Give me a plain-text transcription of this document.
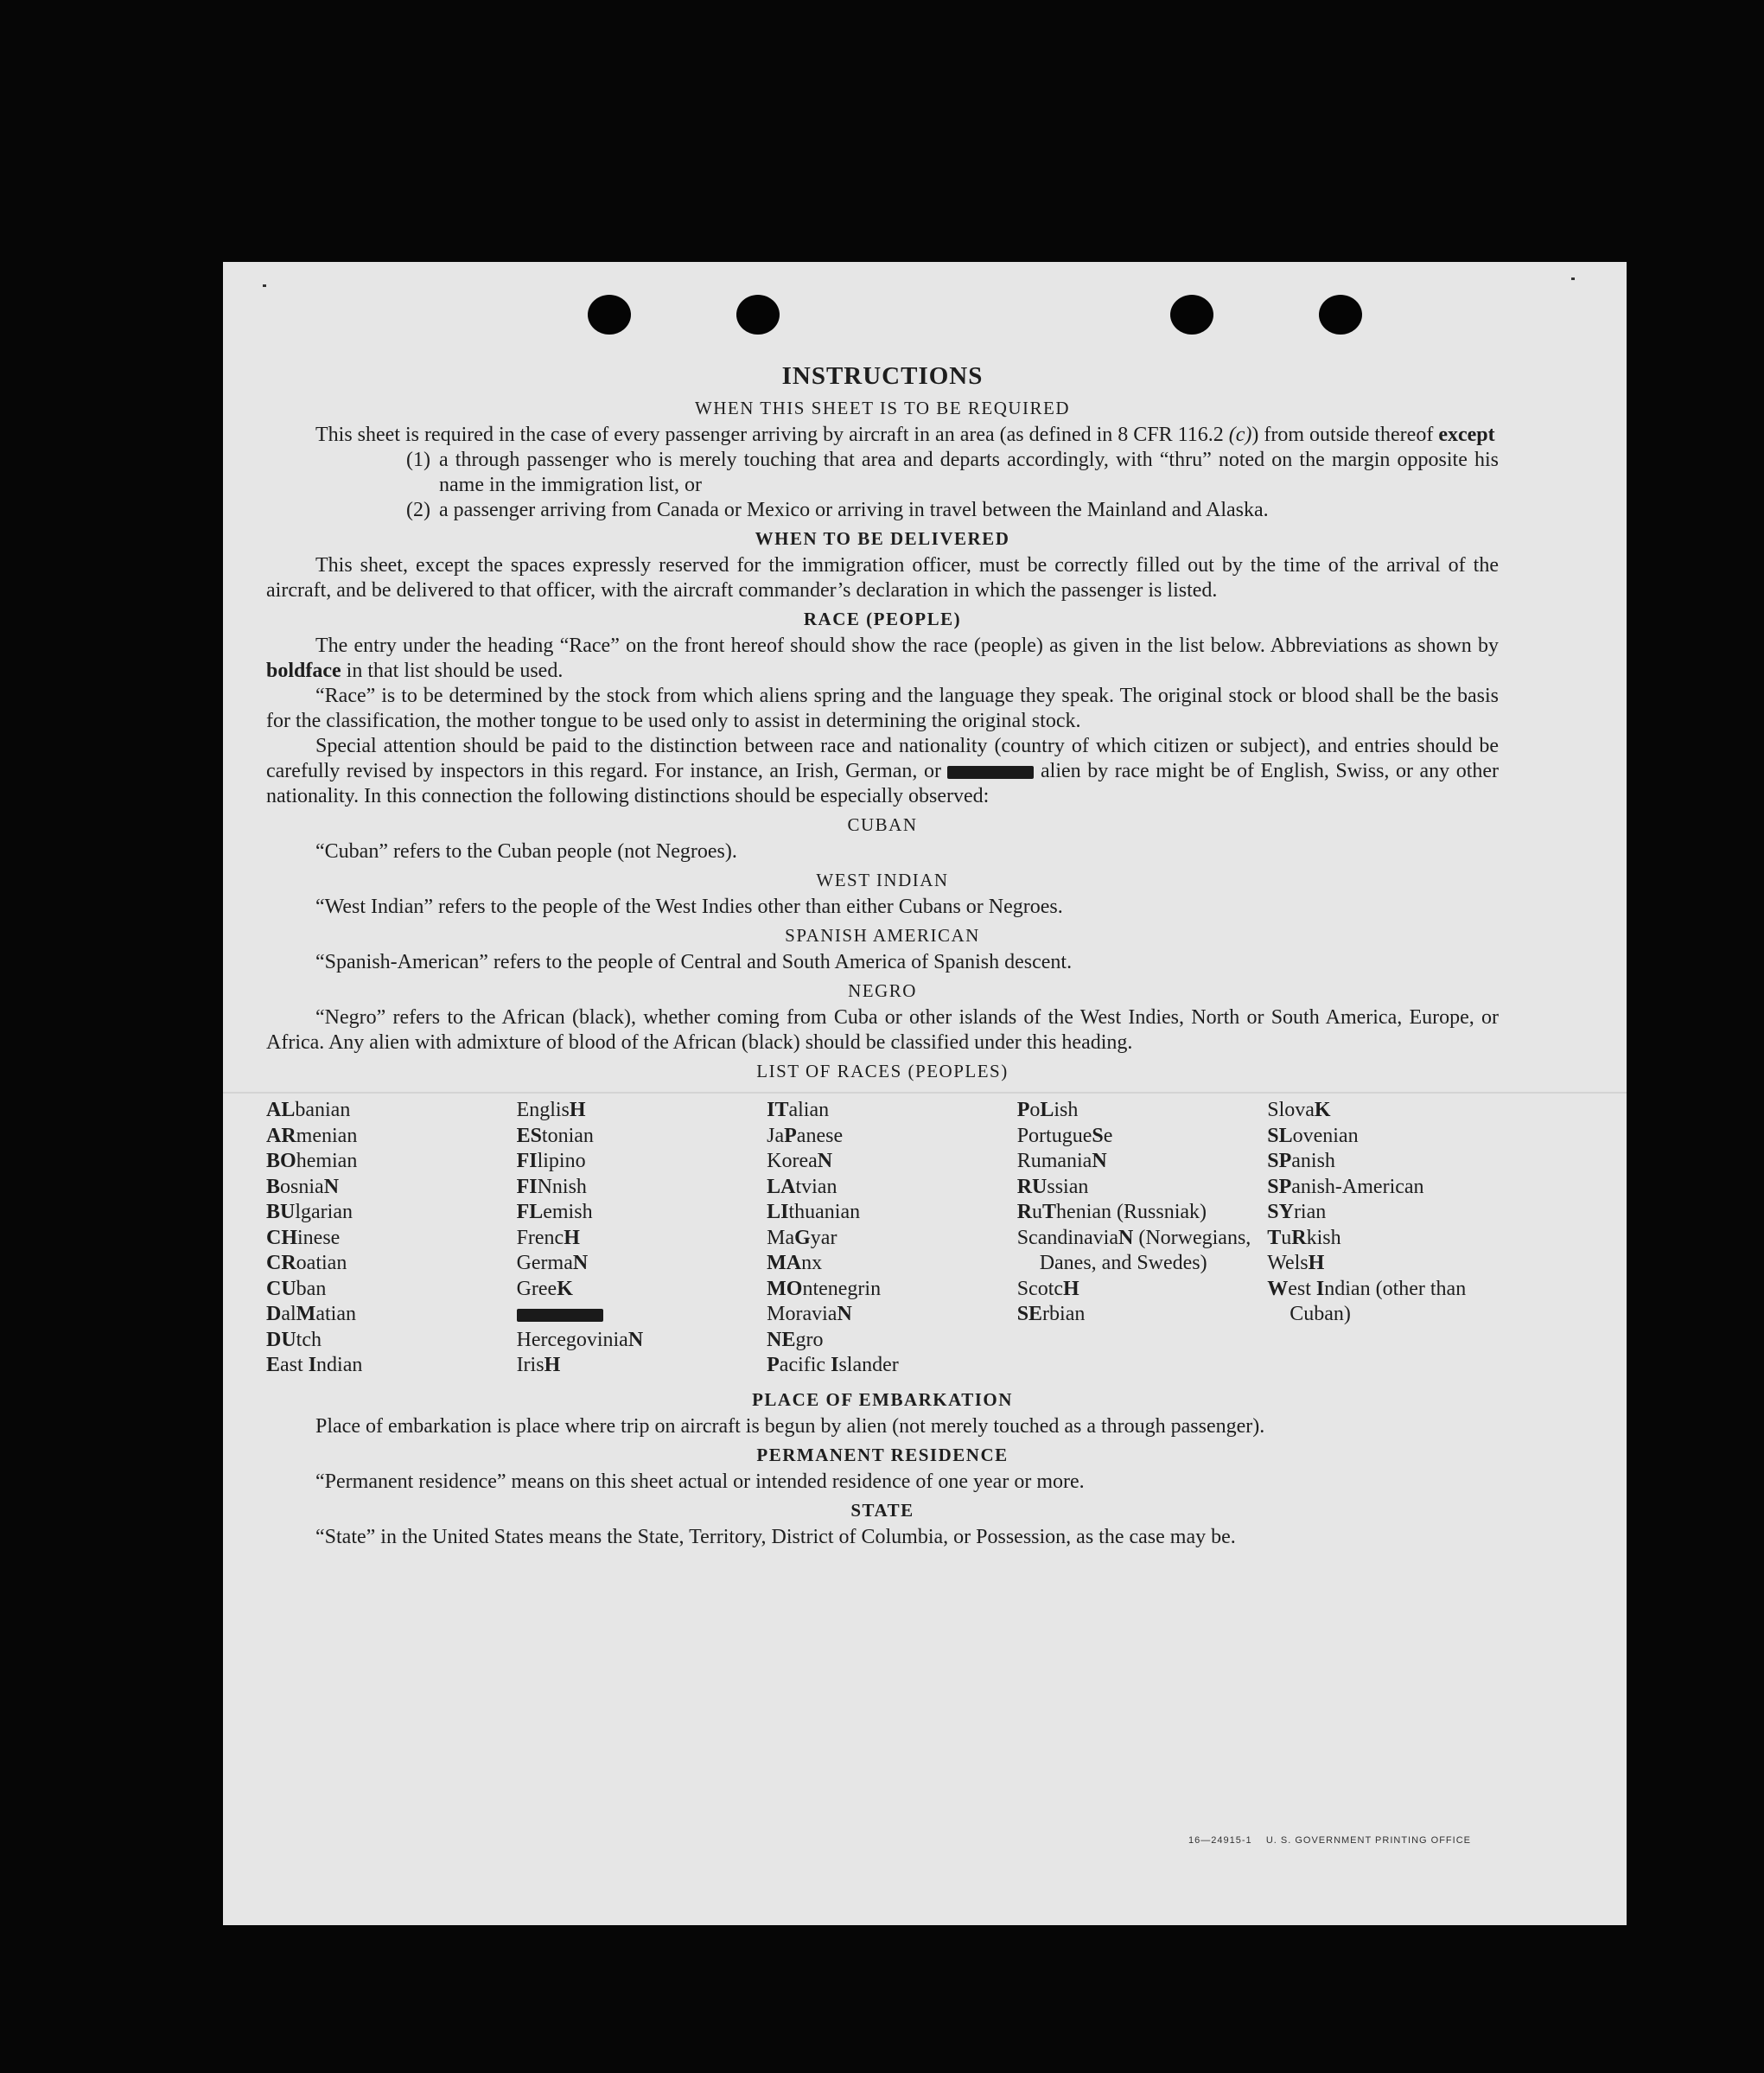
INSTRUCTIONS
WHEN THIS SHEET IS TO BE REQUIRED

This sheet is required in the case of every passenger arriving by aircraft in an area (as defined in 8 CFR 116.2 (c)) from outside thereof except

(1) a through passenger who is merely touching that area and departs accordingly, with “thru” noted on the margin opposite his name in the immigration list, or
(2) a passenger arriving from Canada or Mexico or arriving in travel between the Mainland and Alaska.
WHEN TO BE DELIVERED

This sheet, except the spaces expressly reserved for the immigration officer, must be correctly filled out by the time of the arrival of the aircraft, and be delivered to that officer, with the aircraft commander’s declaration in which the passenger is listed.

RACE (PEOPLE)

The entry under the heading “Race” on the front hereof should show the race (people) as given in the list below. Abbreviations as shown by boldface in that list should be used.

“Race” is to be determined by the stock from which aliens spring and the language they speak. The original stock or blood shall be the basis for the classification, the mother tongue to be used only to assist in determining the original stock.

Special attention should be paid to the distinction between race and nationality (country of which citizen or subject), and entries should be carefully revised by inspectors in this regard. For instance, an Irish, German, or	alien by race might be of English, Swiss, or any other nationality. In this connection the following distinctions should be especially observed:

CUBAN

“Cuban” refers to the Cuban people (not Negroes).

WEST INDIAN

“West Indian” refers to the people of the West Indies other than either Cubans or Negroes.

SPANISH AMERICAN

“Spanish-American” refers to the people of Central and South America of Spanish descent.

NEGRO

“Negro” refers to the African (black), whether coming from Cuba or other islands of the West Indies, North or South America, Europe, or Africa. Any alien with admixture of blood of the African (black) should be classified under this heading.

LIST OF RACES (PEOPLES)
ALbanian
ARmenian
BOhemian
BosniaN
BUlgarian
CHinese
CRoatian
CUban
DalMatian
DUtch
East Indian
EnglisH
EStonian
FIlipino
FINnish
FLemish
FrencH
GermaN
GreeK
HercegoviniaN
IrisH
ITalian
JaPanese
KoreaN
LAtvian
LIthuanian
MaGyar
MAnx
MOntenegrin
MoraviaN
NEgro
Pacific Islander
PoLish
PortugueSe
RumaniaN
RUssian
RuThenian (Russniak)
ScandinaviaN (Norwegians, Danes, and Swedes)
ScotcH
SErbian
SlovaK
SLovenian
SPanish
SPanish-American
SYrian
TuRkish
WelsH
West Indian (other than Cuban)
PLACE OF EMBARKATION

Place of embarkation is place where trip on aircraft is begun by alien (not merely touched as a through passenger).

PERMANENT RESIDENCE

“Permanent residence” means on this sheet actual or intended residence of one year or more.

STATE

“State” in the United States means the State, Territory, District of Columbia, or Possession, as the case may be.

16—24915-1 U. S. GOVERNMENT PRINTING OFFICE
